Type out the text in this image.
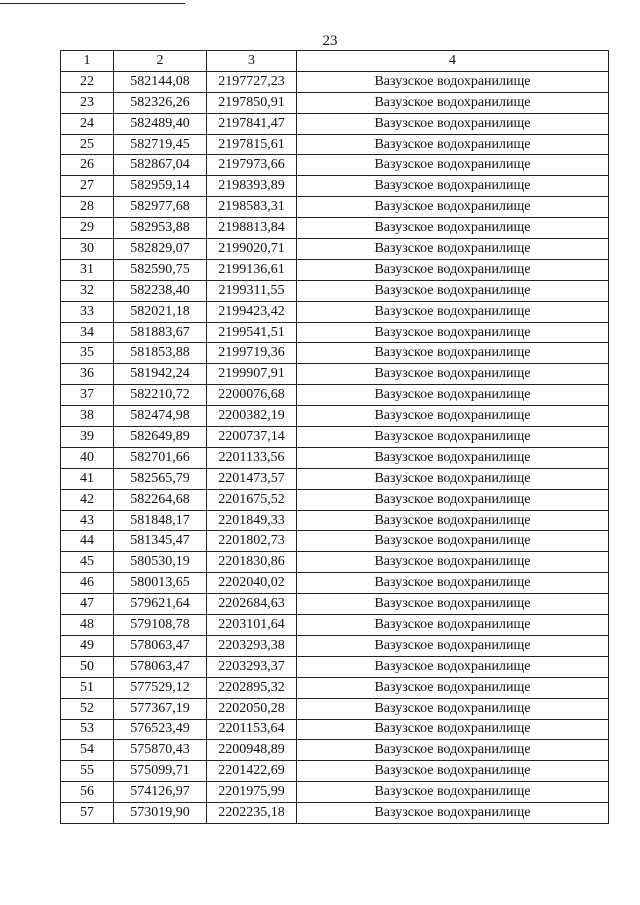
23
1	2	3	4
22	582144,08	2197727,23	Вазузское водохранилище
23	582326,26	2197850,91	Вазузское водохранилище
24	582489,40	2197841,47	Вазузское водохранилище
25	582719,45	2197815,61	Вазузское водохранилище
26	582867,04	2197973,66	Вазузское водохранилище
27	582959,14	2198393,89	Вазузское водохранилище
28	582977,68	2198583,31	Вазузское водохранилище
29	582953,88	2198813,84	Вазузское водохранилище
30	582829,07	2199020,71	Вазузское водохранилище
31	582590,75	2199136,61	Вазузское водохранилище
32	582238,40	2199311,55	Вазузское водохранилище
33	582021,18	2199423,42	Вазузское водохранилище
34	581883,67	2199541,51	Вазузское водохранилище
35	581853,88	2199719,36	Вазузское водохранилище
36	581942,24	2199907,91	Вазузское водохранилище
37	582210,72	2200076,68	Вазузское водохранилище
38	582474,98	2200382,19	Вазузское водохранилище
39	582649,89	2200737,14	Вазузское водохранилище
40	582701,66	2201133,56	Вазузское водохранилище
41	582565,79	2201473,57	Вазузское водохранилище
42	582264,68	2201675,52	Вазузское водохранилище
43	581848,17	2201849,33	Вазузское водохранилище
44	581345,47	2201802,73	Вазузское водохранилище
45	580530,19	2201830,86	Вазузское водохранилище
46	580013,65	2202040,02	Вазузское водохранилище
47	579621,64	2202684,63	Вазузское водохранилище
48	579108,78	2203101,64	Вазузское водохранилище
49	578063,47	2203293,38	Вазузское водохранилище
50	578063,47	2203293,37	Вазузское водохранилище
51	577529,12	2202895,32	Вазузское водохранилище
52	577367,19	2202050,28	Вазузское водохранилище
53	576523,49	2201153,64	Вазузское водохранилище
54	575870,43	2200948,89	Вазузское водохранилище
55	575099,71	2201422,69	Вазузское водохранилище
56	574126,97	2201975,99	Вазузское водохранилище
57	573019,90	2202235,18	Вазузское водохранилище
